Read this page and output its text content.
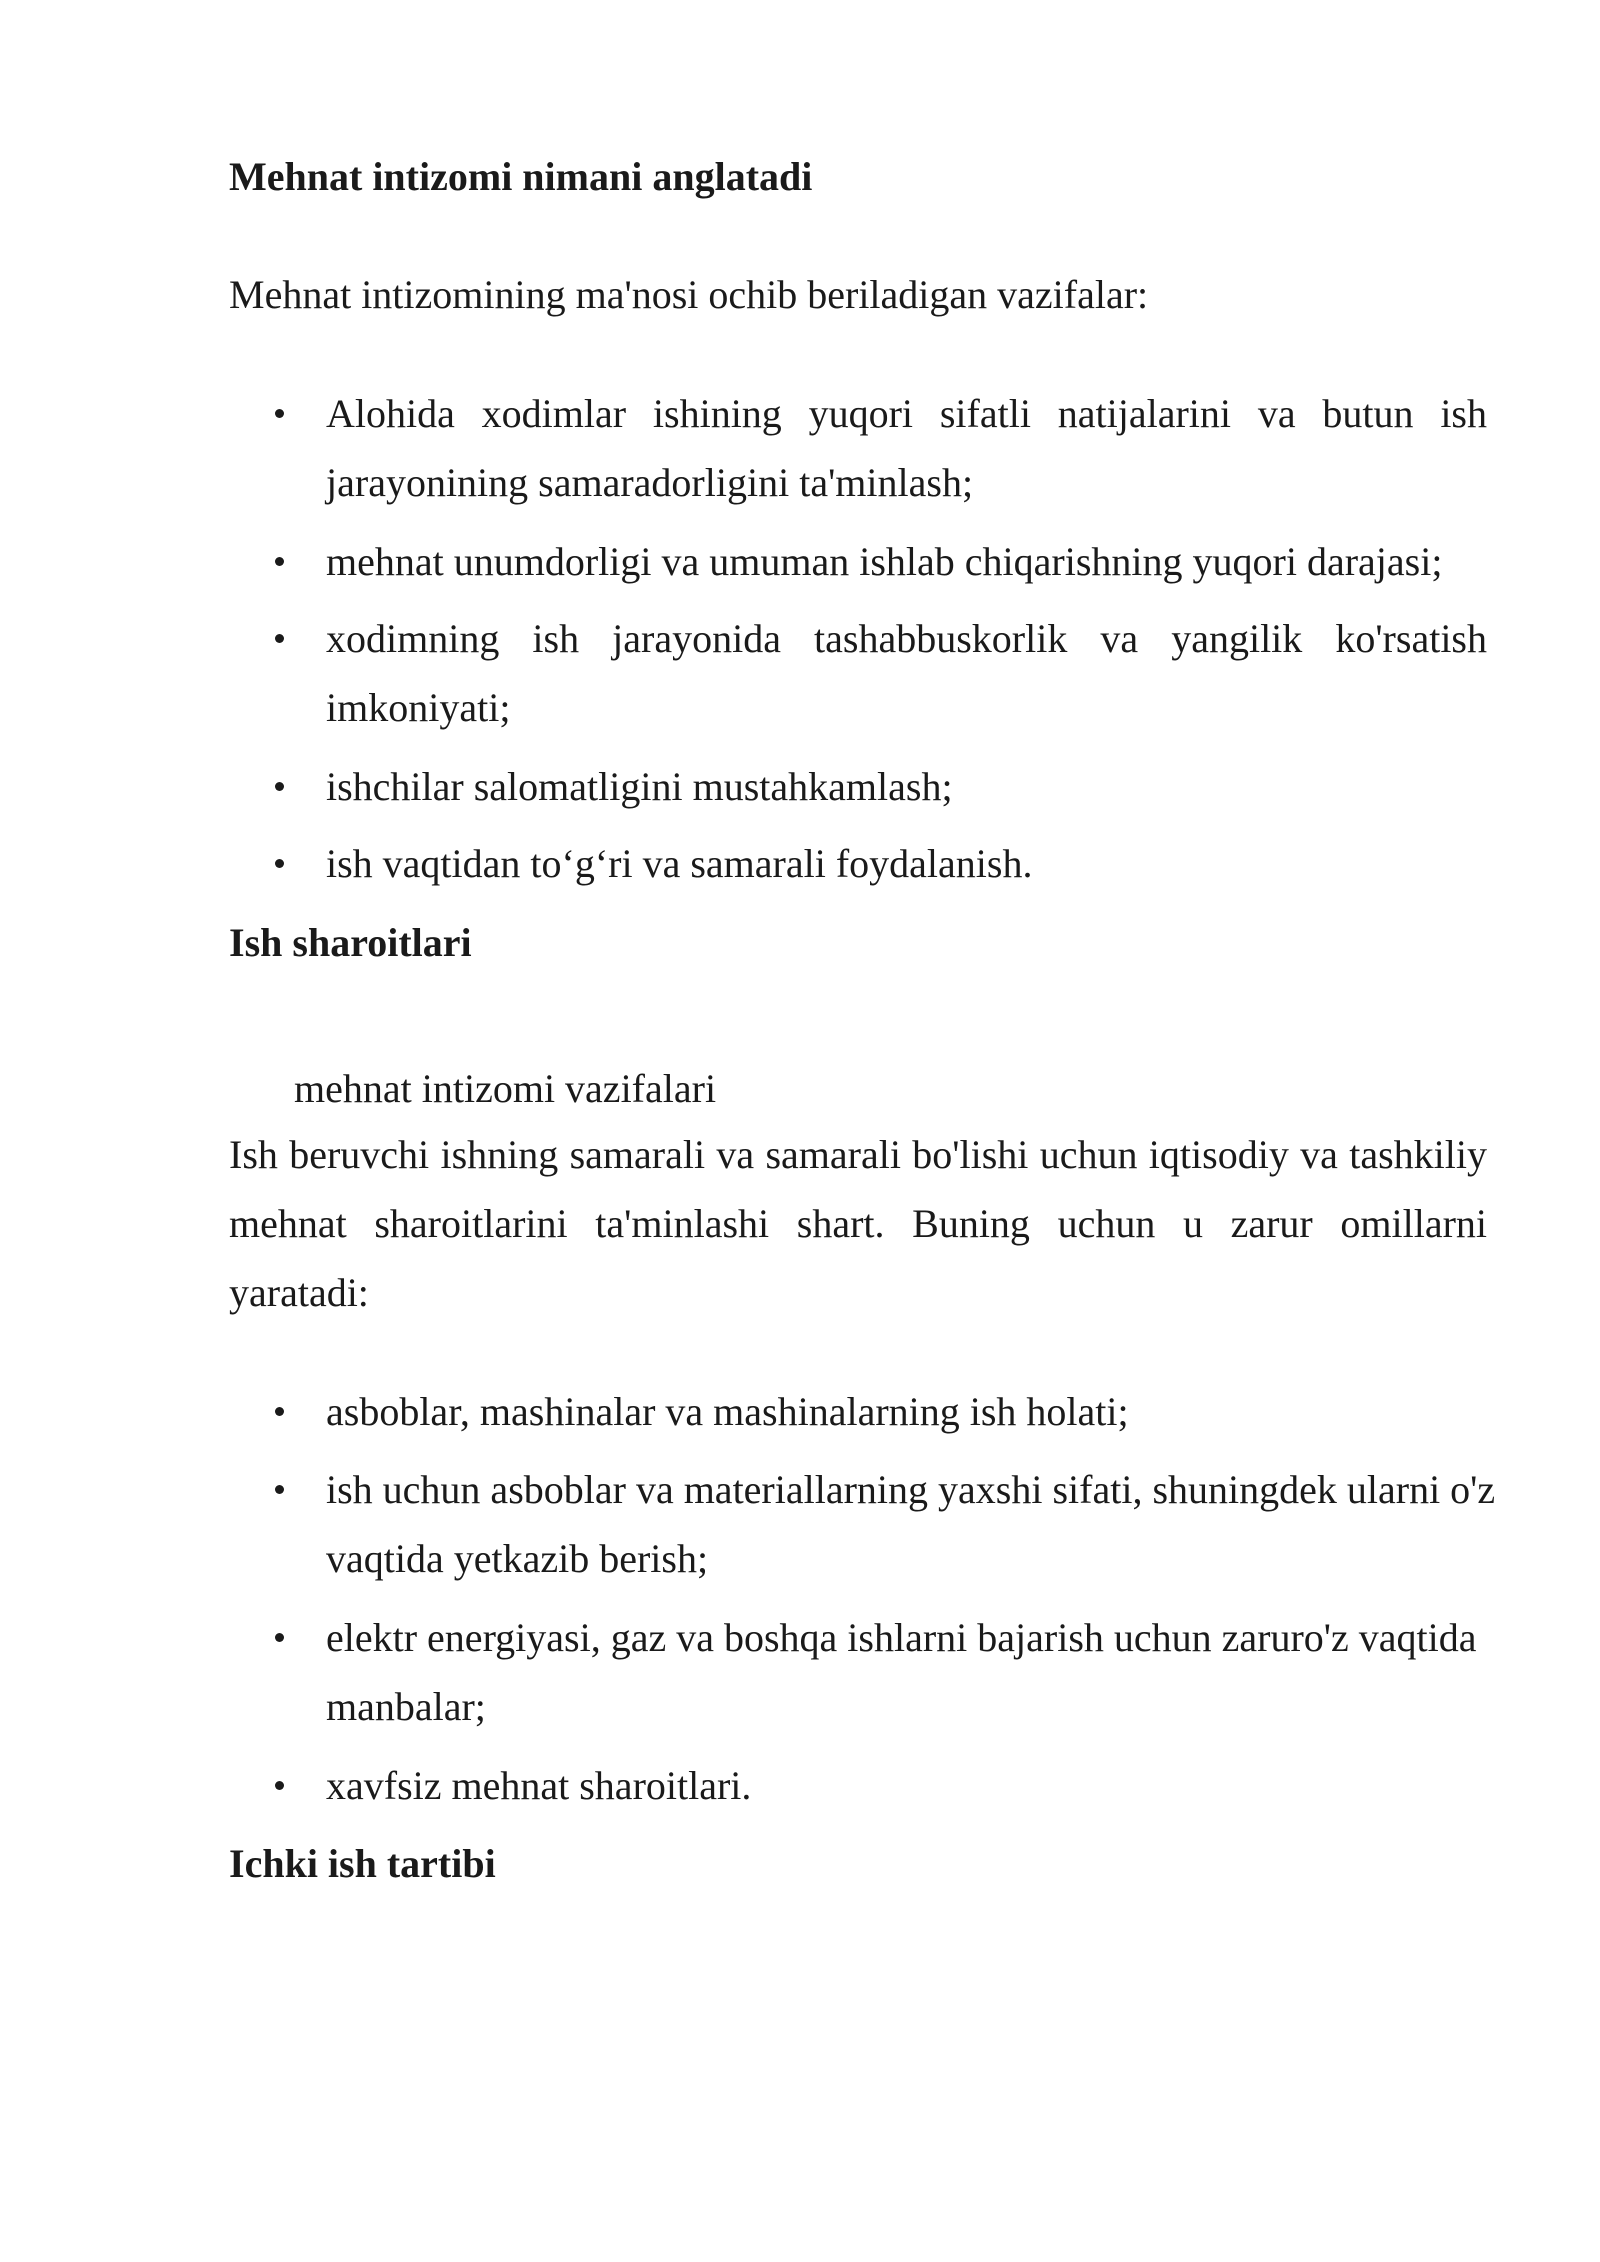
Mehnat intizomi nimani anglatadi

Mehnat intizomining ma'nosi ochib beriladigan vazifalar:

Alohida xodimlar ishining yuqori sifatli natijalarini va butun ish jarayonining samaradorligini ta'minlash;
mehnat unumdorligi va umuman ishlab chiqarishning yuqori darajasi;
xodimning ish jarayonida tashabbuskorlik va yangilik ko'rsatish imkoniyati;
ishchilar salomatligini mustahkamlash;
ish vaqtidan to‘g‘ri va samarali foydalanish.
Ish sharoitlari

mehnat intizomi vazifalari

Ish beruvchi ishning samarali va samarali bo'lishi uchun iqtisodiy va tashkiliy mehnat sharoitlarini ta'minlashi shart. Buning uchun u zarur omillarni yaratadi:

asboblar, mashinalar va mashinalarning ish holati;
ish uchun asboblar va materiallarning yaxshi sifati, shuningdek ularni o'z vaqtida yetkazib berish;
elektr energiyasi, gaz va boshqa ishlarni bajarish uchun zaruro'z vaqtida manbalar;
xavfsiz mehnat sharoitlari.
Ichki ish tartibi
